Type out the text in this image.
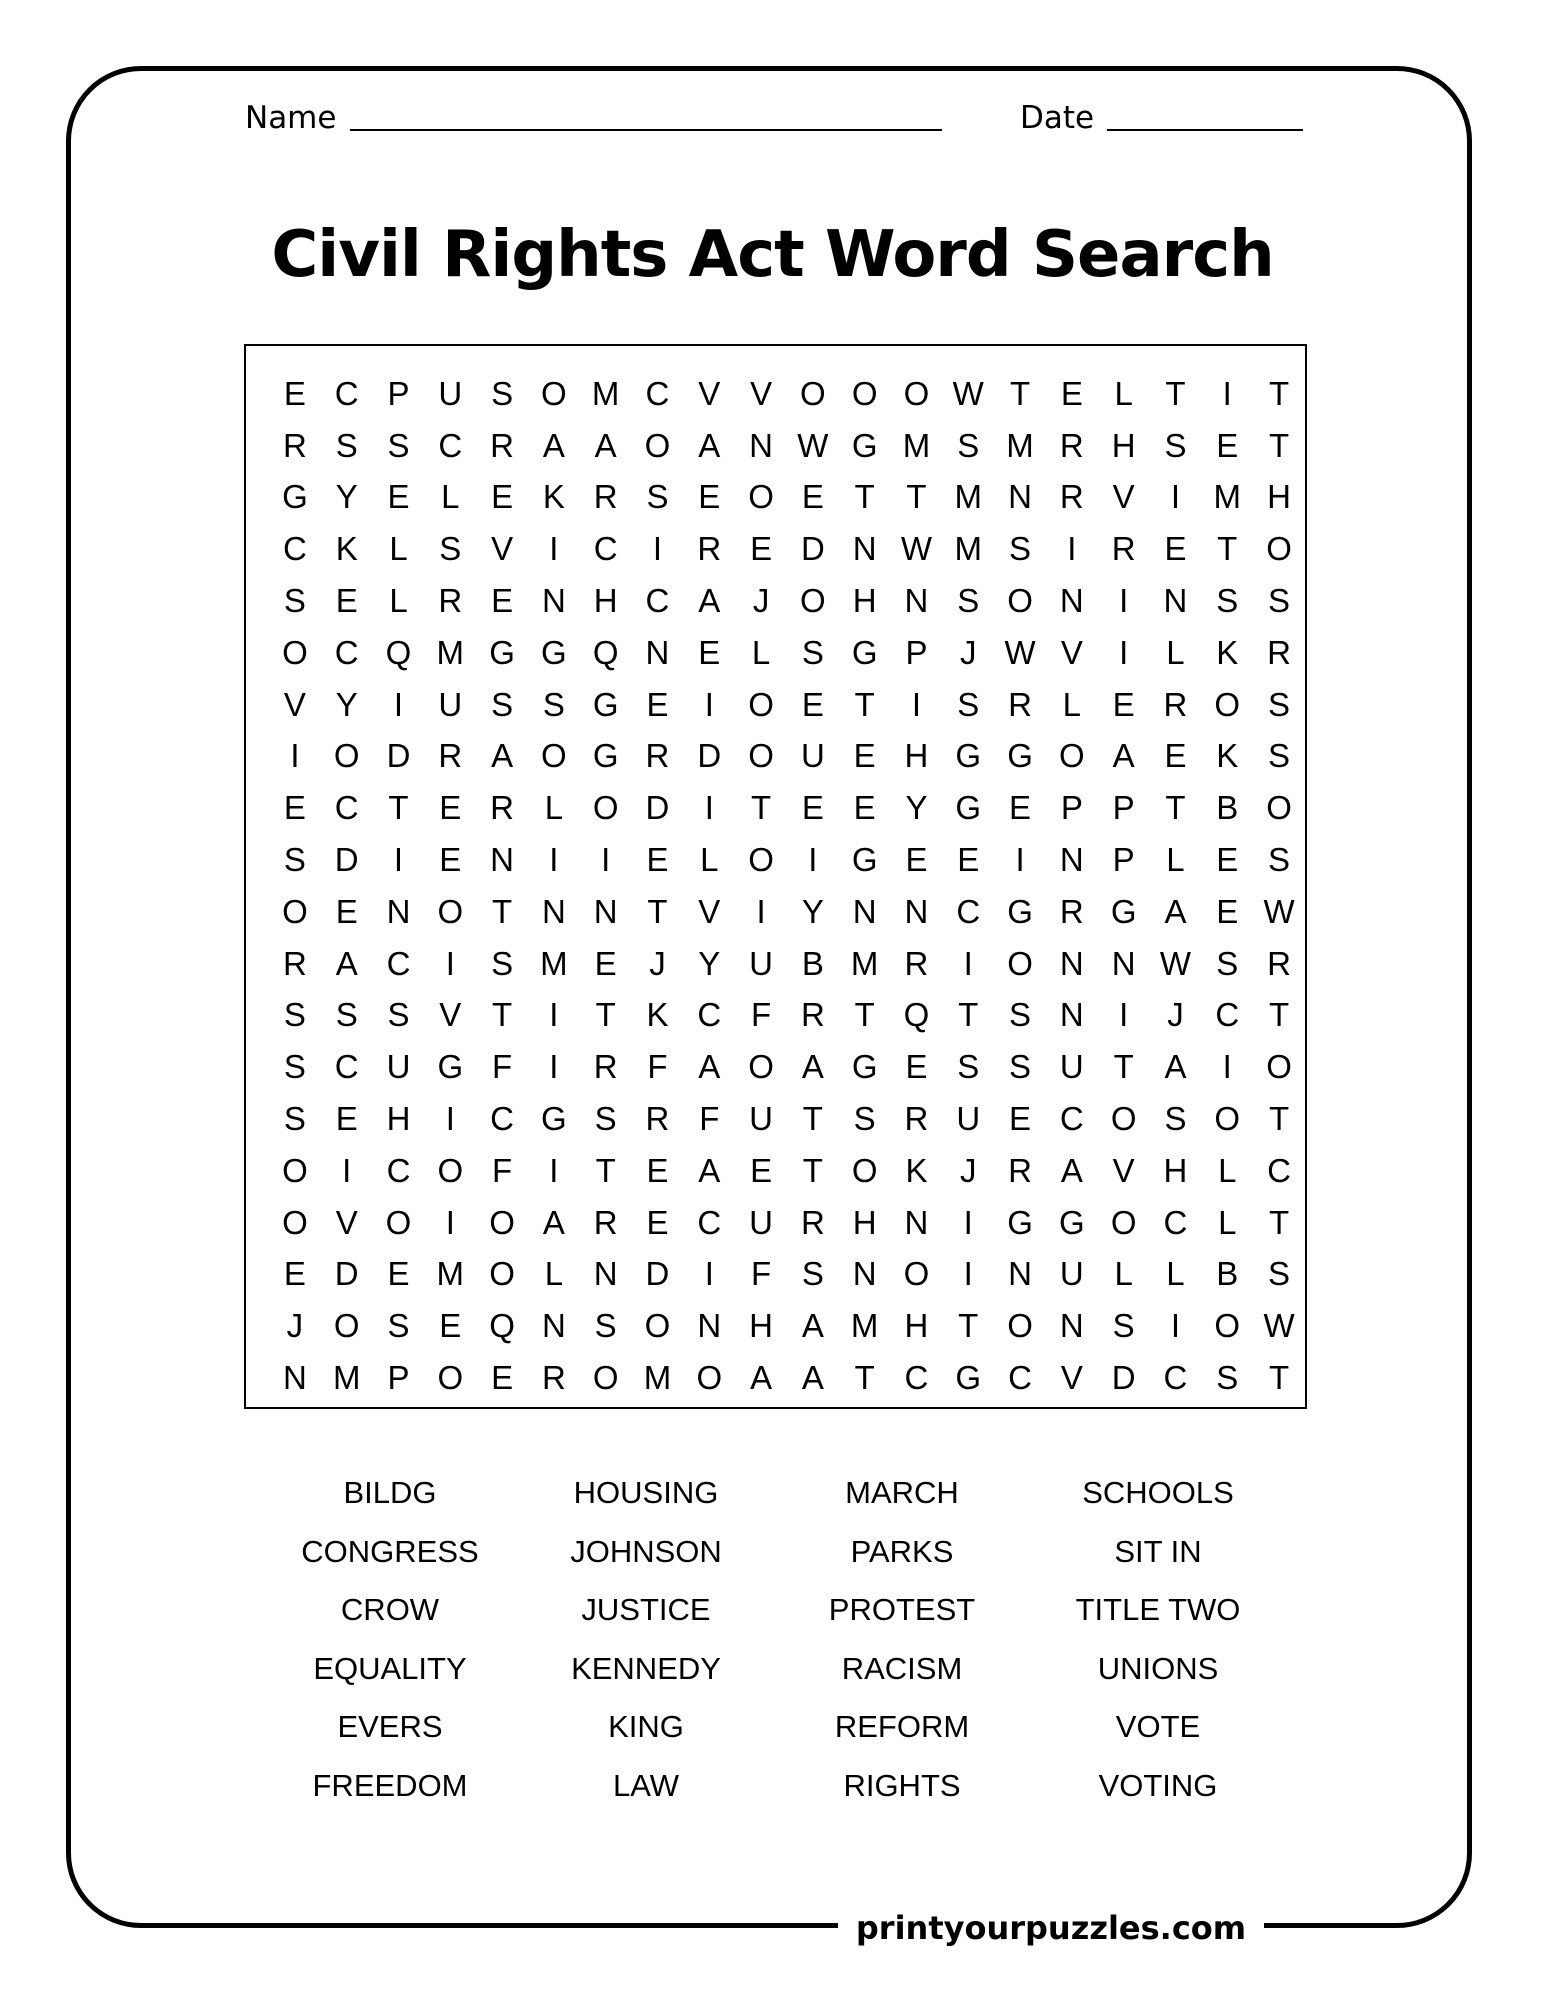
Name	Date
Civil Rights Act Word Search
E C P U S O M C V V O O O W T E L T	I	T
R S S C R A A O A N W G M S M R H S E T
G Y E L E K R S E O E T T M N R V	I	M H
C K L S V	I	C	I	R E D N W M S	I	R E T O
S E L R E N H C A J O H N S O N	I	N S S
O C Q M G G Q N E L S G P J W V	I	L K R
V Y	I	U S S G E	I	O E T	I	S R L E R O S
I	O D R A O G R D O U E H G G O A E K S
E C T E R L O D	I	T E E Y G E P P T B O
S D	I	E N	I	I	E L O	I	G E E	I	N P L E S
O E N O T N N T V	I	Y N N C G R G A E W
R A C	I	S M E J Y U B M R	I	O N N W S R
S S S V T	I	T K C F R T Q T S N	I	J C T
S C U G F	I	R F A O A G E S S U T A	I	O
S E H	I	C G S R F U T S R U E C O S O T
O	I	C O F	I	T E A E T O K J R A V H L C
O V O	I	O A R E C U R H N	I	G G O C L T
E D E M O L N D	I	F S N O	I	N U L	L B S
J O S E Q N S O N H A M H T O N S	I	O W
N M P O E R O M O A A T C G C V D C S T
BILDG	HOUSING	MARCH	SCHOOLS
CONGRESS	JOHNSON	PARKS	SIT IN
CROW	JUSTICE	PROTEST	TITLE TWO
EQUALITY	KENNEDY	RACISM	UNIONS
EVERS	KING	REFORM	VOTE
FREEDOM	LAW	RIGHTS	VOTING
printyourpuzzles.com
